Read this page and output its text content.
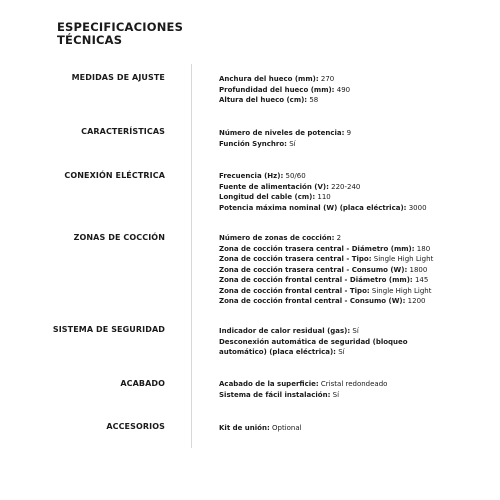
ESPECIFICACIONES
TÉCNICAS
MEDIDAS DE AJUSTE	Anchura del hueco (mm): 270
Profundidad del hueco (mm): 490
Altura del hueco (cm): 58
CARACTERÍSTICAS	Número de niveles de potencia: 9
Función Synchro: Sí
CONEXIÓN ELÉCTRICA	Frecuencia (Hz): 50/60
Fuente de alimentación (V): 220-240
Longitud del cable (cm): 110
Potencia máxima nominal (W) (placa eléctrica): 3000
ZONAS DE COCCIÓN	Número de zonas de cocción: 2
Zona de cocción trasera central - Diámetro (mm): 180
Zona de cocción trasera central - Tipo: Single High Light
Zona de cocción trasera central - Consumo (W): 1800
Zona de cocción frontal central - Diámetro (mm): 145
Zona de cocción frontal central - Tipo: Single High Light
Zona de cocción frontal central - Consumo (W): 1200
SISTEMA DE SEGURIDAD	Indicador de calor residual (gas): Sí
Desconexión automática de seguridad (bloqueo automático) (placa eléctrica): Sí
ACABADO	Acabado de la superficie: Cristal redondeado
Sistema de fácil instalación: Sí
ACCESORIOS	Kit de unión: Optional
